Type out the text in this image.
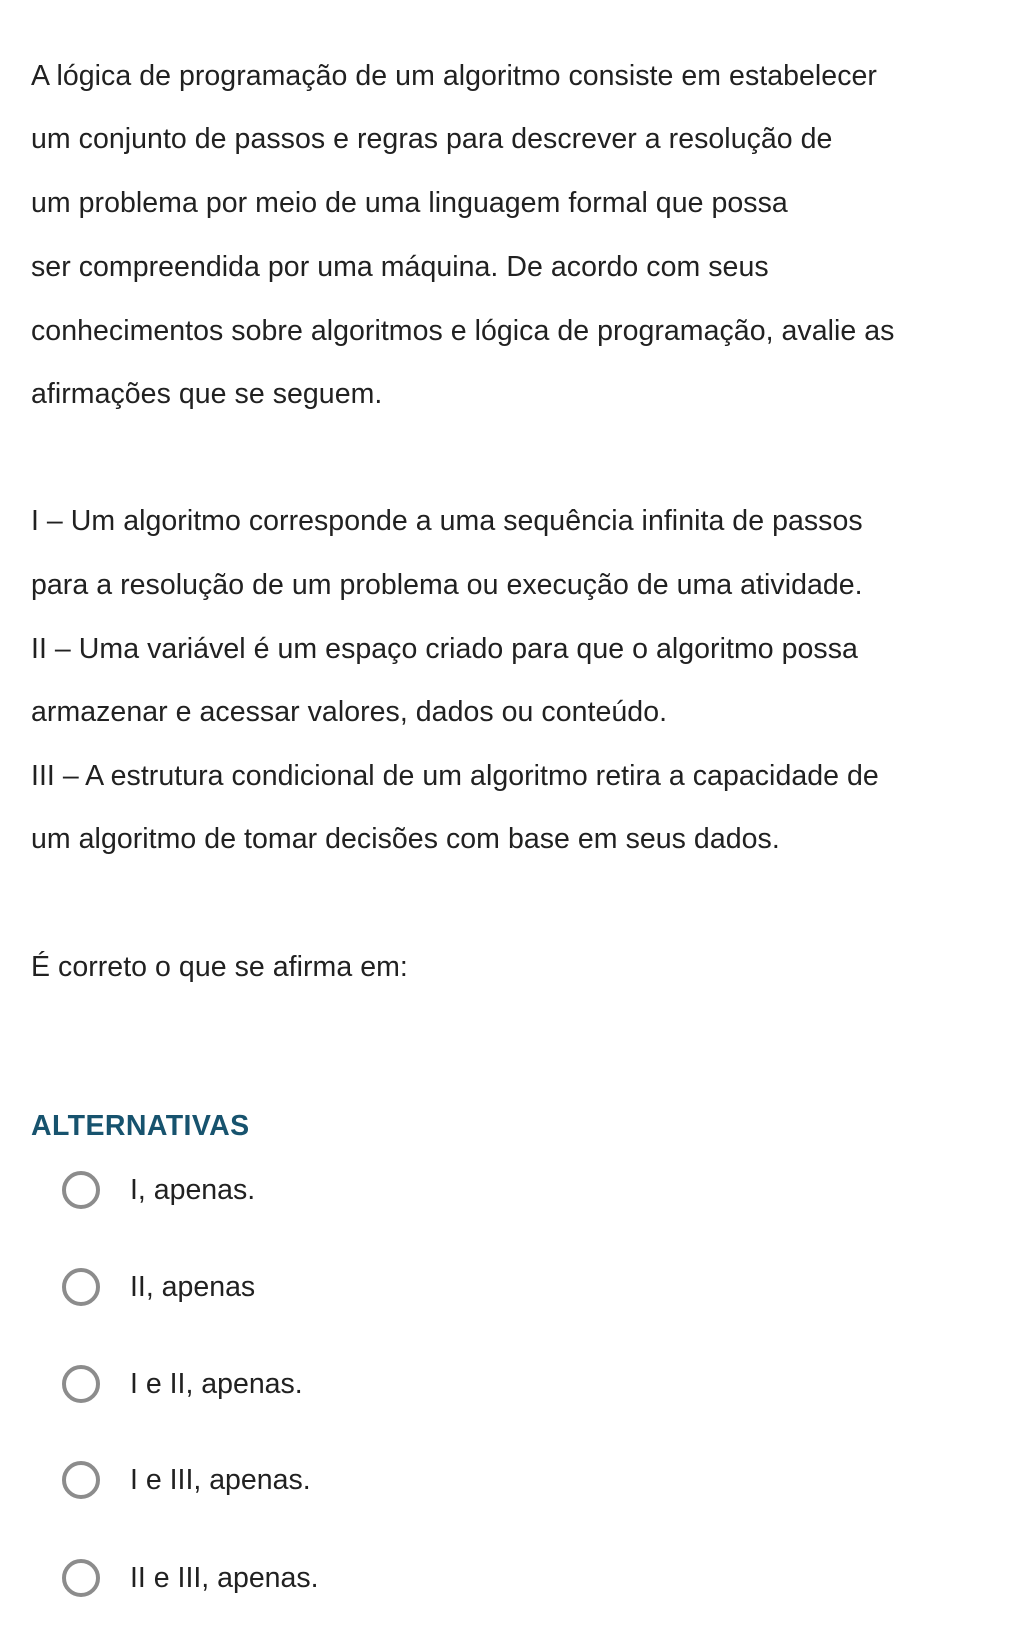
A lógica de programação de um algoritmo consiste em estabelecer
um conjunto de passos e regras para descrever a resolução de
um problema por meio de uma linguagem formal que possa
ser compreendida por uma máquina. De acordo com seus
conhecimentos sobre algoritmos e lógica de programação, avalie as
afirmações que se seguem.
I – Um algoritmo corresponde a uma sequência infinita de passos
para a resolução de um problema ou execução de uma atividade.
II – Uma variável é um espaço criado para que o algoritmo possa
armazenar e acessar valores, dados ou conteúdo.
III – A estrutura condicional de um algoritmo retira a capacidade de
um algoritmo de tomar decisões com base em seus dados.
É correto o que se afirma em:
ALTERNATIVAS
I, apenas.
II, apenas
I e II, apenas.
I e III, apenas.
II e III, apenas.
